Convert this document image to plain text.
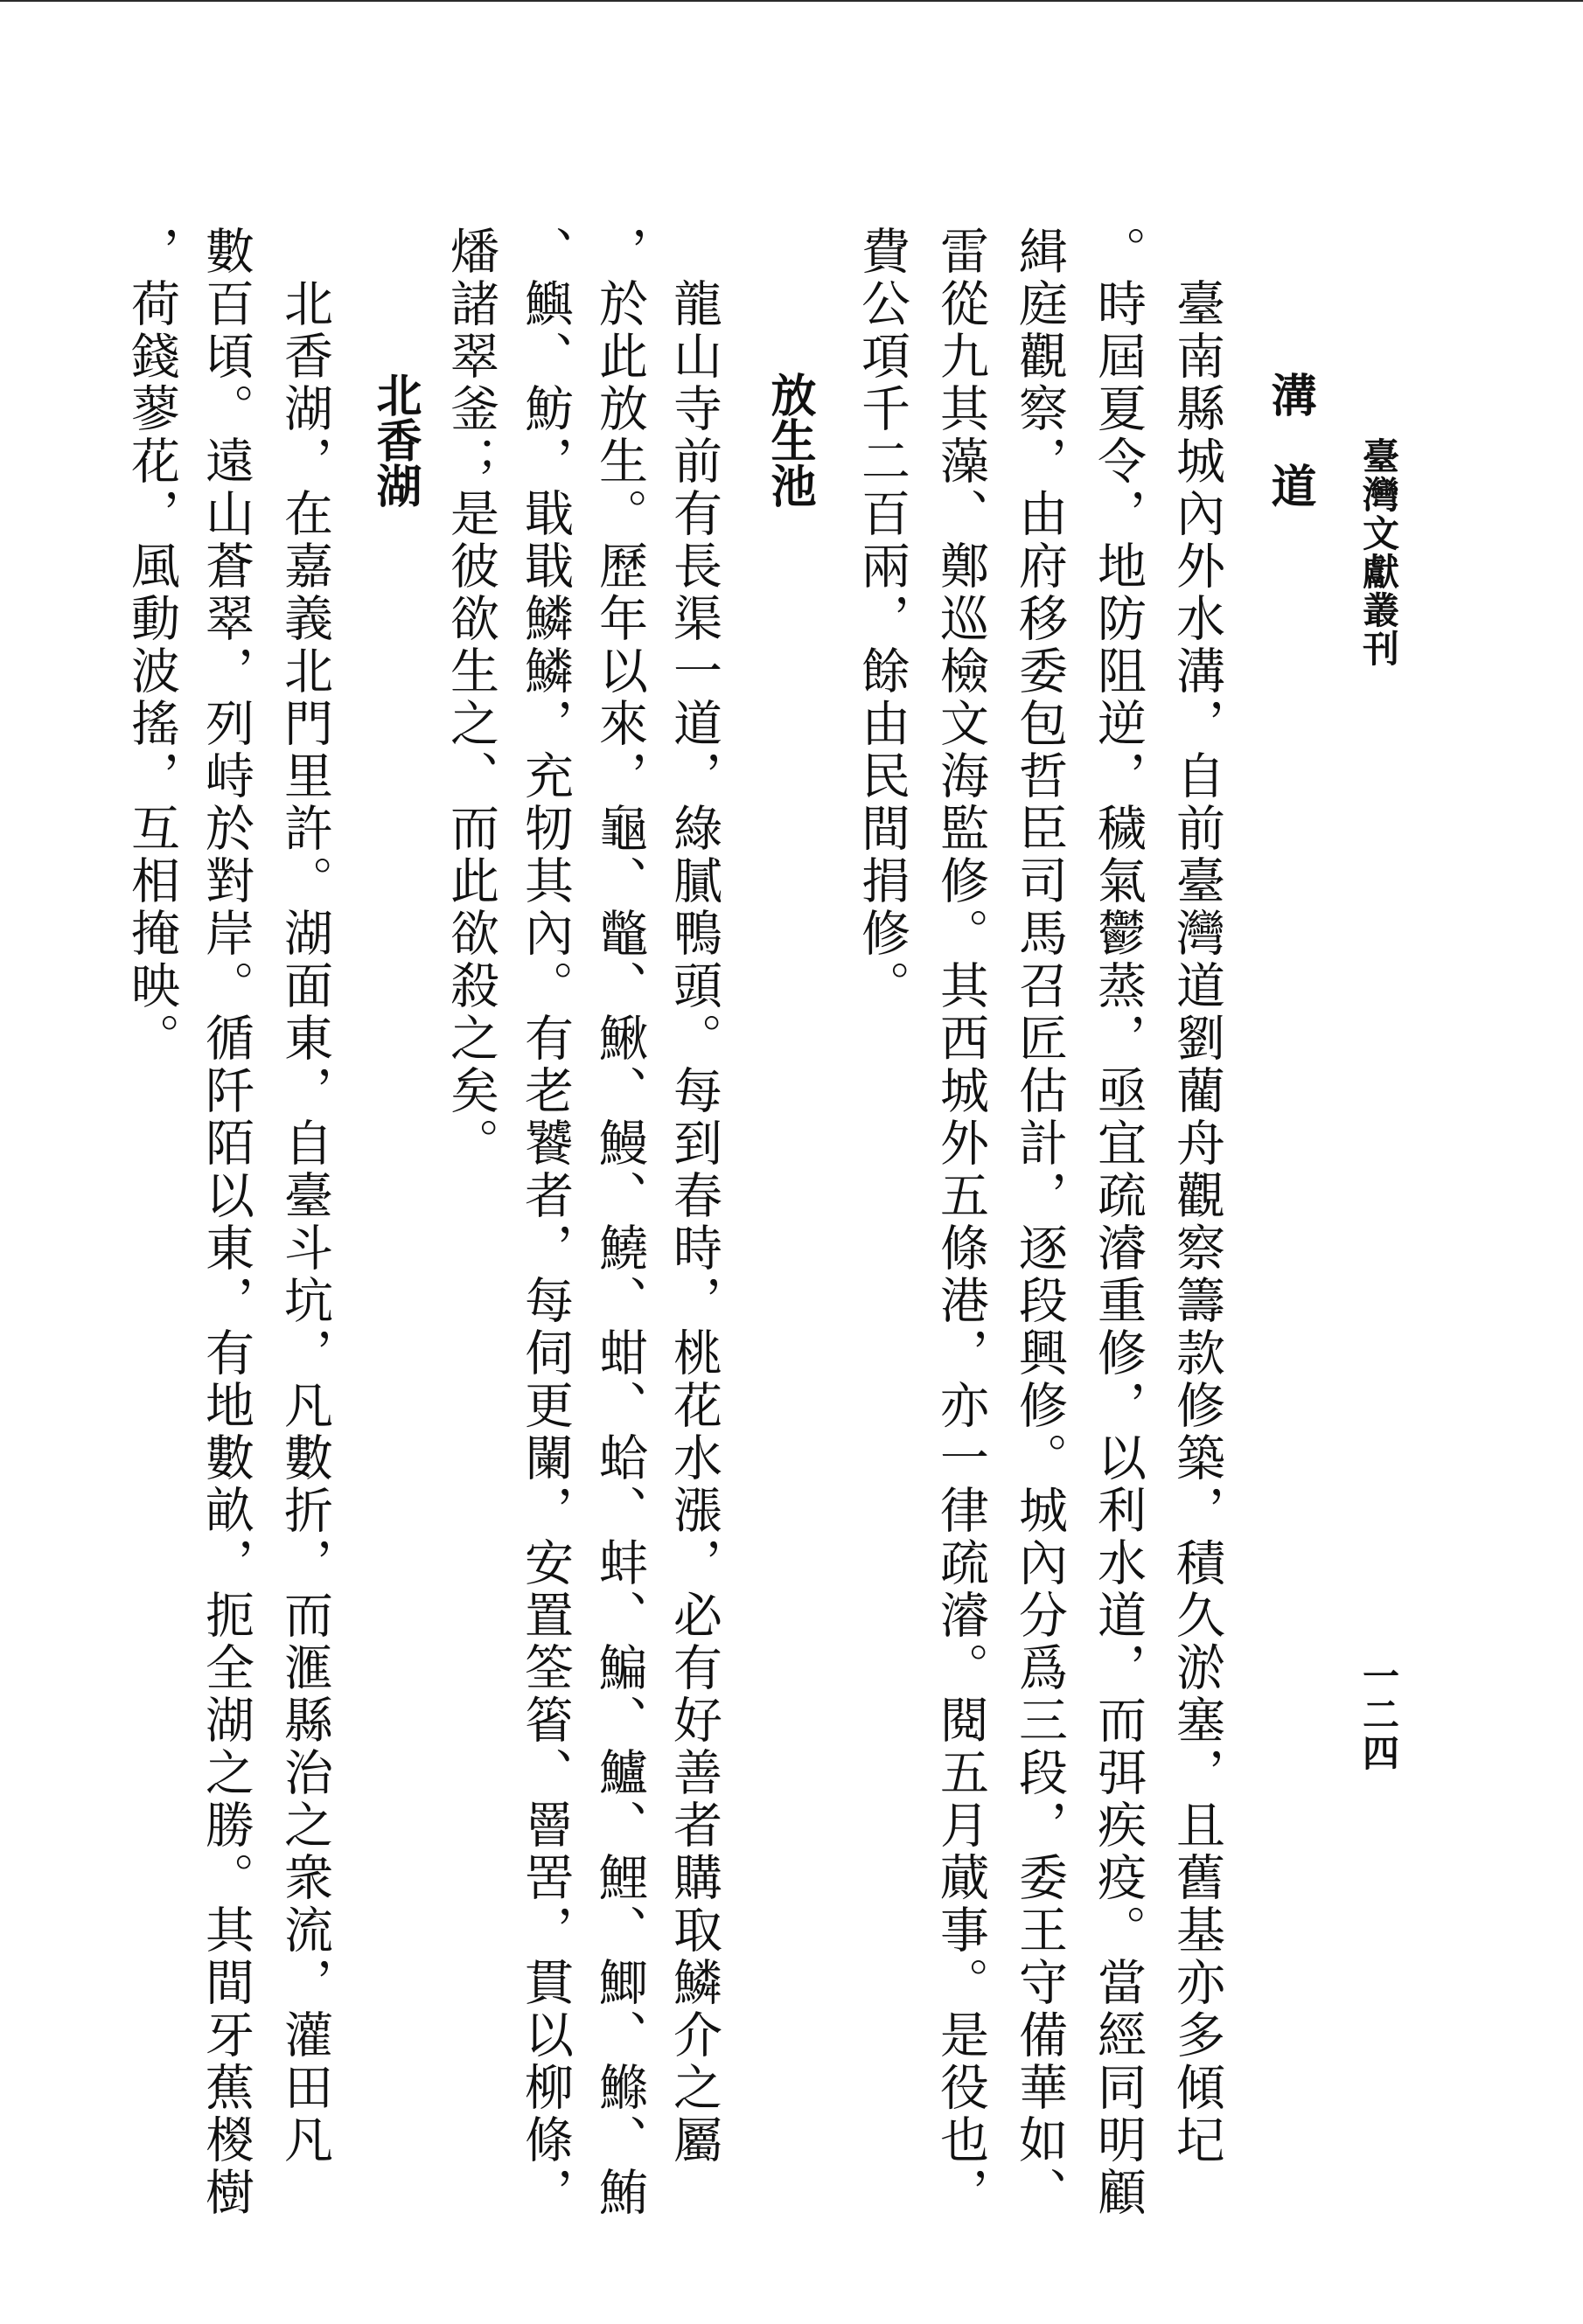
臺灣文獻叢刊
一二四
溝　道
　臺南縣城內外水溝，自前臺灣道劉藺舟觀察籌款修築，積久淤塞，且舊基亦多傾圮
。時屆夏令，地防阻逆，穢氣鬱蒸，亟宜疏濬重修，以利水道，而弭疾疫。當經同明顧
緝庭觀察，由府移委包哲臣司馬召匠估計，逐段興修。城內分爲三段，委王守備華如、
雷從九其藻、鄭巡檢文海監修。其西城外五條港，亦一律疏濬。閱五月蕆事。是役也，
費公項千二百兩，餘由民間捐修。
放生池
　龍山寺前有長渠一道，綠膩鴨頭。每到春時，桃花水漲，必有好善者購取鱗介之屬
，於此放生。歷年以來，龜、鼈、鰍、鰻、鱙、蚶、蛤、蚌、鯿、鱸、鯉、鯽、鰷、鮪
、鱮、魴，戢戢鱗鱗，充牣其內。有老饕者，每伺更闌，安置筌箵、罾罟，貫以柳條，
燔諸翠釜；是彼欲生之、而此欲殺之矣。
北香湖
　北香湖，在嘉義北門里許。湖面東，自臺斗坑，凡數折，而滙縣治之衆流，灌田凡
數百頃。遠山蒼翠，列峙於對岸。循阡陌以東，有地數畝，扼全湖之勝。其間牙蕉椶樹
，荷錢蓼花，風動波搖，互相掩映。
